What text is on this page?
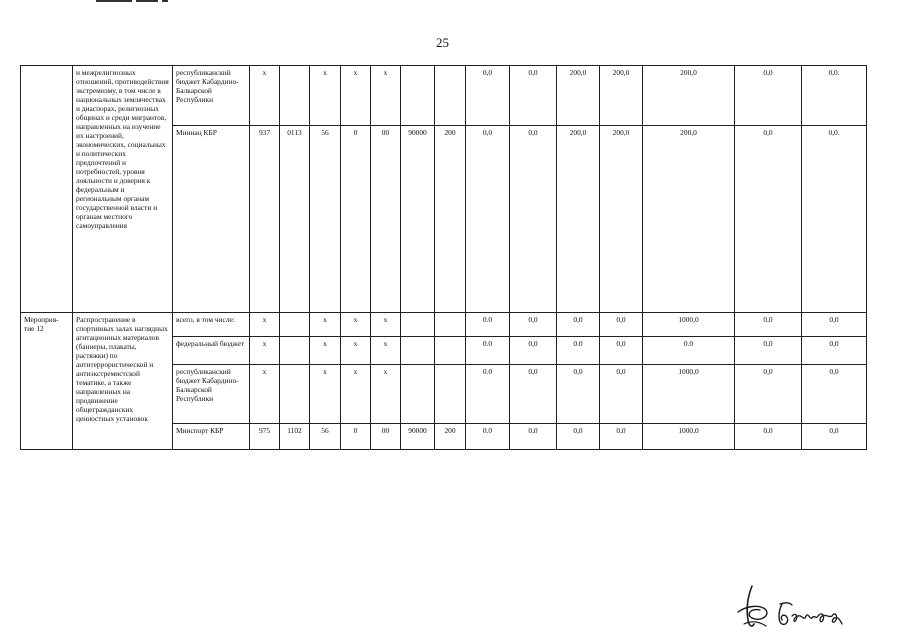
25
	и межрелигиозных отношений, противодействия экстремизму, в том числе в национальных землячествах и диаспорах, религиозных общинах и среди мигрантов, направленных на изучение их настроений, экономических, социальных и политических предпочтений и потребностей, уровня лояльности и доверия к федеральным и региональным органам государственной власти и органам местного самоуправления	республиканский бюджет Кабардино-Балкарской Республики	х		х	х	х			0,0	0,0	200,0	200,0	200,0	0,0	0,0.
		Миннац КБР	937	0113	56	0	00	90000	200	0,0	0,0	200,0	200,0	200,0	0,0	0,0.
Мероприя-тие 12	Распространение в спортивных залах наглядных агитационных материалов (баннеры, плакаты, растяжки) по антитеррористической и антиэкстремистской тематике, а также направленных на продвижение общегражданских ценностных установок	всего, в том числе:	х		х	х	х			0.0	0,0	0,0	0,0	1000,0	0,0	0,0
		федеральный бюджет	х		х	х	х			0.0	0,0	0.0	0,0	0.0	0,0	0,0
		республиканский бюджет Кабардино-Балкарской Республики	х		х	х	х			0.0	0,0	0,0	0,0	1000,0	0,0	0,0
		Минспорт КБР	975	1102	56	0	00	90000	200	0.0	0,0	0,0	0,0	1000,0	0,0	0,0
